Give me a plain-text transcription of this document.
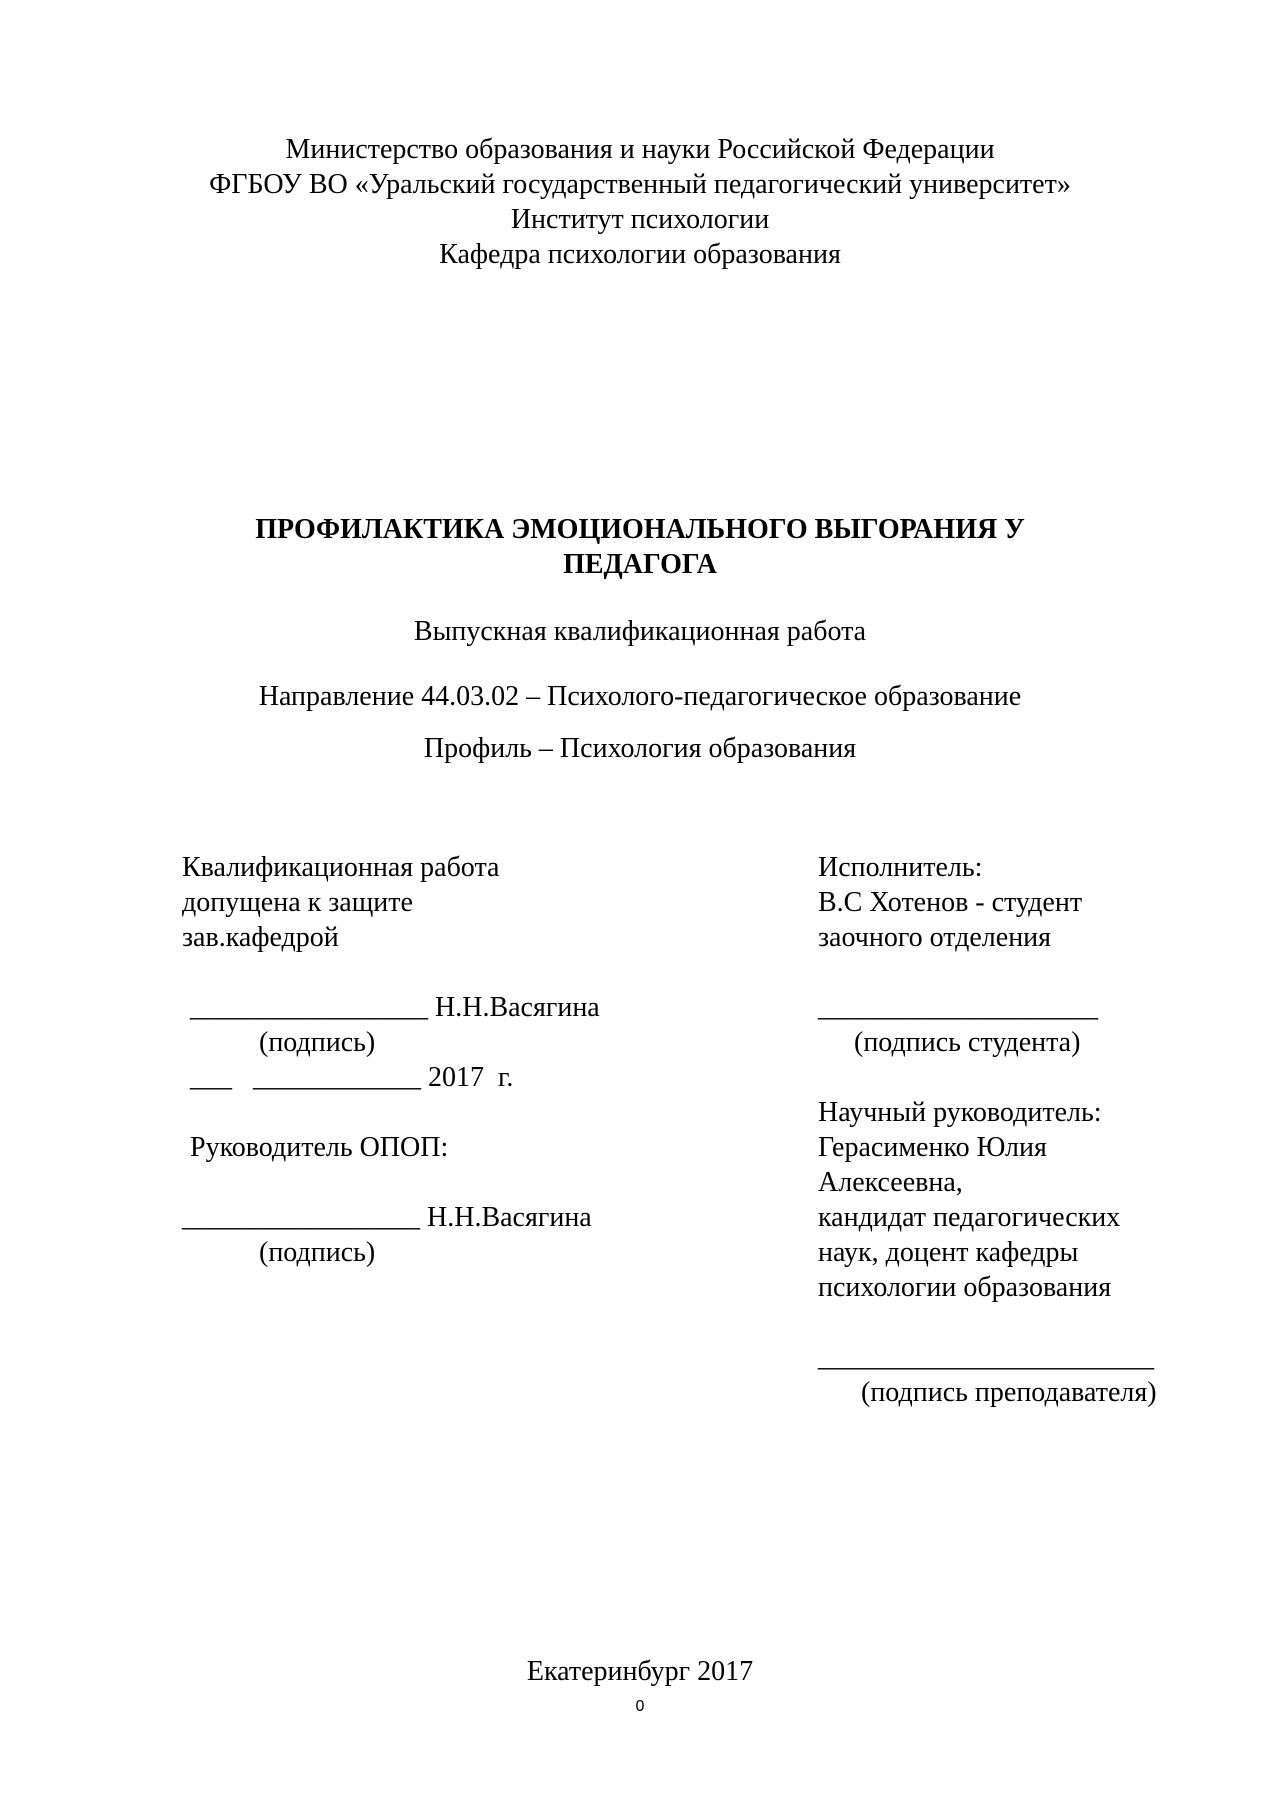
Министерство образования и науки Российской Федерации
ФГБОУ ВО «Уральский государственный педагогический университет»
Институт психологии
Кафедра психологии образования
ПРОФИЛАКТИКА ЭМОЦИОНАЛЬНОГО ВЫГОРАНИЯ У
ПЕДАГОГА
Выпускная квалификационная работа
Направление 44.03.02 – Психолого-педагогическое образование
Профиль – Психология образования
Квалификационная работа
допущена к защите
зав.кафедрой
_________________ Н.Н.Васягина
(подпись)
___   ____________ 2017  г.
Руководитель ОПОП:
_________________ Н.Н.Васягина
(подпись)
Исполнитель:
В.С Хотенов - студент
заочного отделения
____________________
(подпись студента)
Научный руководитель:
Герасименко Юлия
Алексеевна,
кандидат педагогических
наук, доцент кафедры
психологии образования
________________________
(подпись преподавателя)
Екатеринбург 2017
0
